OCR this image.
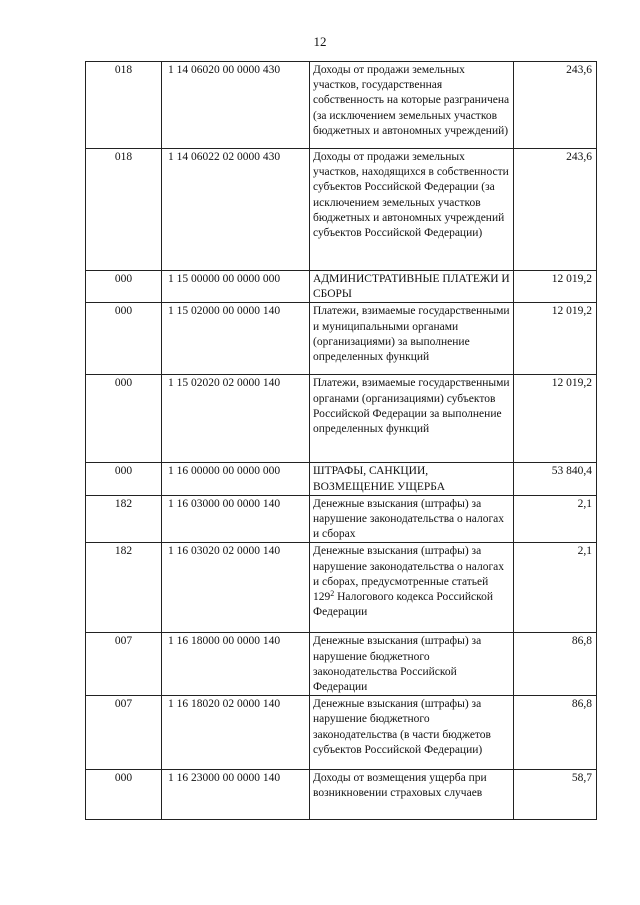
12
018	1 14 06020 00 0000 430	Доходы от продажи земельных участков, государственная собственность на которые разграничена (за исключением земельных участков бюджетных и автономных учреждений)	243,6
018	1 14 06022 02 0000 430	Доходы от продажи земельных участков, находящихся в собственности субъектов Российской Федерации (за исключением земельных участков бюджетных и автономных учреждений субъектов Российской Федерации)	243,6
000	1 15 00000 00 0000 000	АДМИНИСТРАТИВНЫЕ ПЛАТЕЖИ И СБОРЫ	12 019,2
000	1 15 02000 00 0000 140	Платежи, взимаемые государственными и муниципальными органами (организациями) за выполнение определенных функций	12 019,2
000	1 15 02020 02 0000 140	Платежи, взимаемые государственными органами (организациями) субъектов Российской Федерации за выполнение определенных функций	12 019,2
000	1 16 00000 00 0000 000	ШТРАФЫ, САНКЦИИ, ВОЗМЕЩЕНИЕ УЩЕРБА	53 840,4
182	1 16 03000 00 0000 140	Денежные взыскания (штрафы) за нарушение законодательства о налогах и сборах	2,1
182	1 16 03020 02 0000 140	Денежные взыскания (штрафы) за нарушение законодательства о налогах и сборах, предусмотренные статьей 129$^2$ Налогового кодекса Российской Федерации	2,1
007	1 16 18000 00 0000 140	Денежные взыскания (штрафы) за нарушение бюджетного законодательства Российской Федерации	86,8
007	1 16 18020 02 0000 140	Денежные взыскания (штрафы) за нарушение бюджетного законодательства (в части бюджетов субъектов Российской Федерации)	86,8
000	1 16 23000 00 0000 140	Доходы от возмещения ущерба при возникновении страховых случаев	58,7
